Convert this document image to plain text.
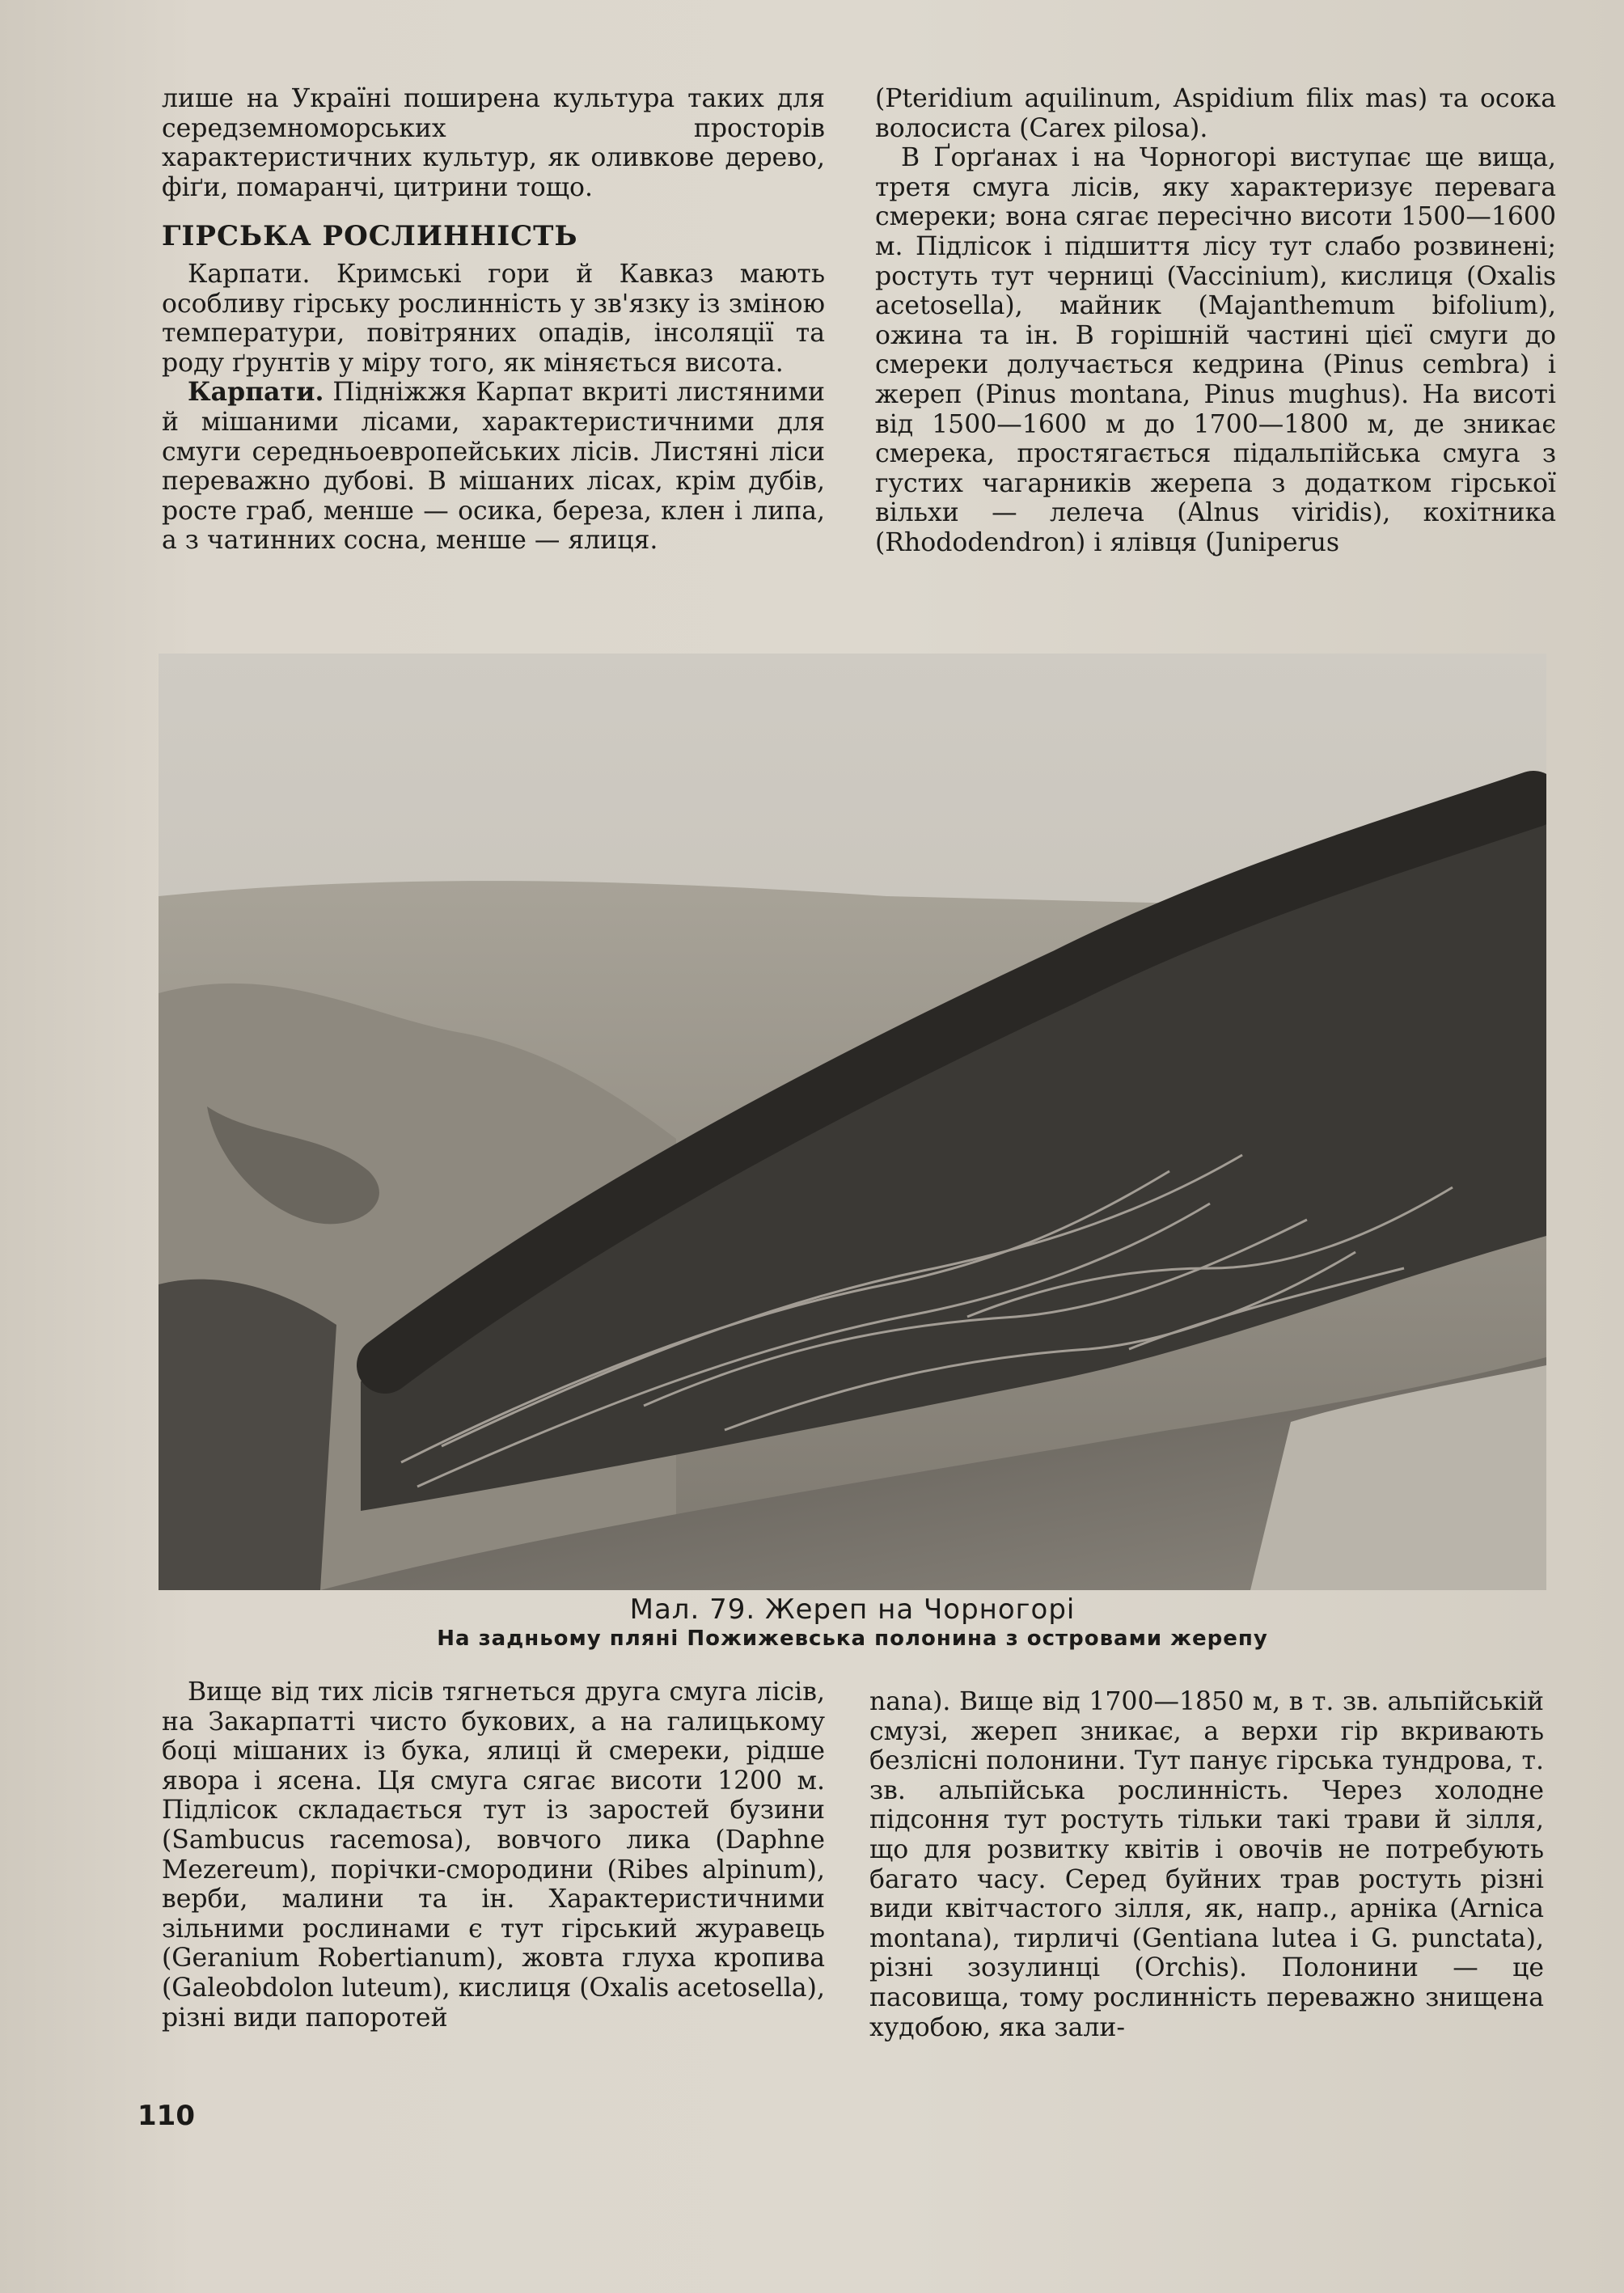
лише на Україні поширена культура таких для середземноморських просторів характеристичних культур, як оливкове дерево, фіґи, помаранчі, цитрини тощо.

ГІРСЬКА РОСЛИННІСТЬ

Карпати. Кримські гори й Кавказ мають особливу гірську рослинність у зв'язку із зміною температури, повітряних опадів, інсоляції та роду ґрунтів у міру того, як міняється висота.

Карпати. Підніжжя Карпат вкриті листяними й мішаними лісами, характеристичними для смуги середньоевропейських лісів. Листяні ліси переважно дубові. В мішаних лісах, крім дубів, росте граб, менше — осика, береза, клен і липа, а з чатинних сосна, менше — ялиця.

(Pteridium aquilinum, Aspidium filix mas) та осока волосиста (Carex pilosa).

В Ґорґанах і на Чорногорі виступає ще вища, третя смуга лісів, яку характеризує перевага смереки; вона сягає пересічно висоти 1500—1600 м. Підлісок і підшиття лісу тут слабо розвинені; ростуть тут черниці (Vaccinium), кислиця (Oxalis acetosella), майник (Majanthemum bifolium), ожина та ін. В горішній частині цієї смуги до смереки долучається кедрина (Pinus cembra) і жереп (Pinus montana, Pinus mughus). На висоті від 1500—1600 м до 1700—1800 м, де зникає смерека, простягається підальпійська смуга з густих чагарників жерепа з додатком гірської вільхи — лелеча (Alnus viridis), кохітника (Rhododendron) і ялівця (Juniperus

Мал. 79. Жереп на Чорногорі
На задньому пляні Пожижевська полонина з островами жерепу

Вище від тих лісів тягнеться друга смуга лісів, на Закарпатті чисто букових, а на галицькому боці мішаних із бука, ялиці й смереки, рідше явора і ясена. Ця смуга сягає висоти 1200 м. Підлісок складається тут із заростей бузини (Sambucus racemosa), вовчого лика (Daphne Mezereum), порічки-смородини (Ribes alpinum), верби, малини та ін. Характеристичними зільними рослинами є тут гірський журавець (Geranium Robertianum), жовта глуха кропива (Galeobdolon luteum), кислиця (Oxalis acetosella), різні види папоротей

nana). Вище від 1700—1850 м, в т. зв. альпійській смузі, жереп зникає, а верхи гір вкривають безлісні полонини. Тут панує гірська тундрова, т. зв. альпійська рослинність. Через холодне підсоння тут ростуть тільки такі трави й зілля, що для розвитку квітів і овочів не потребують багато часу. Серед буйних трав ростуть різні види квітчастого зілля, як, напр., арніка (Arnica montana), тирличі (Gentiana lutea і G. punctata), різні зозулинці (Orchis). Полонини — це пасовища, тому рослинність переважно знищена худобою, яка зали-

110
